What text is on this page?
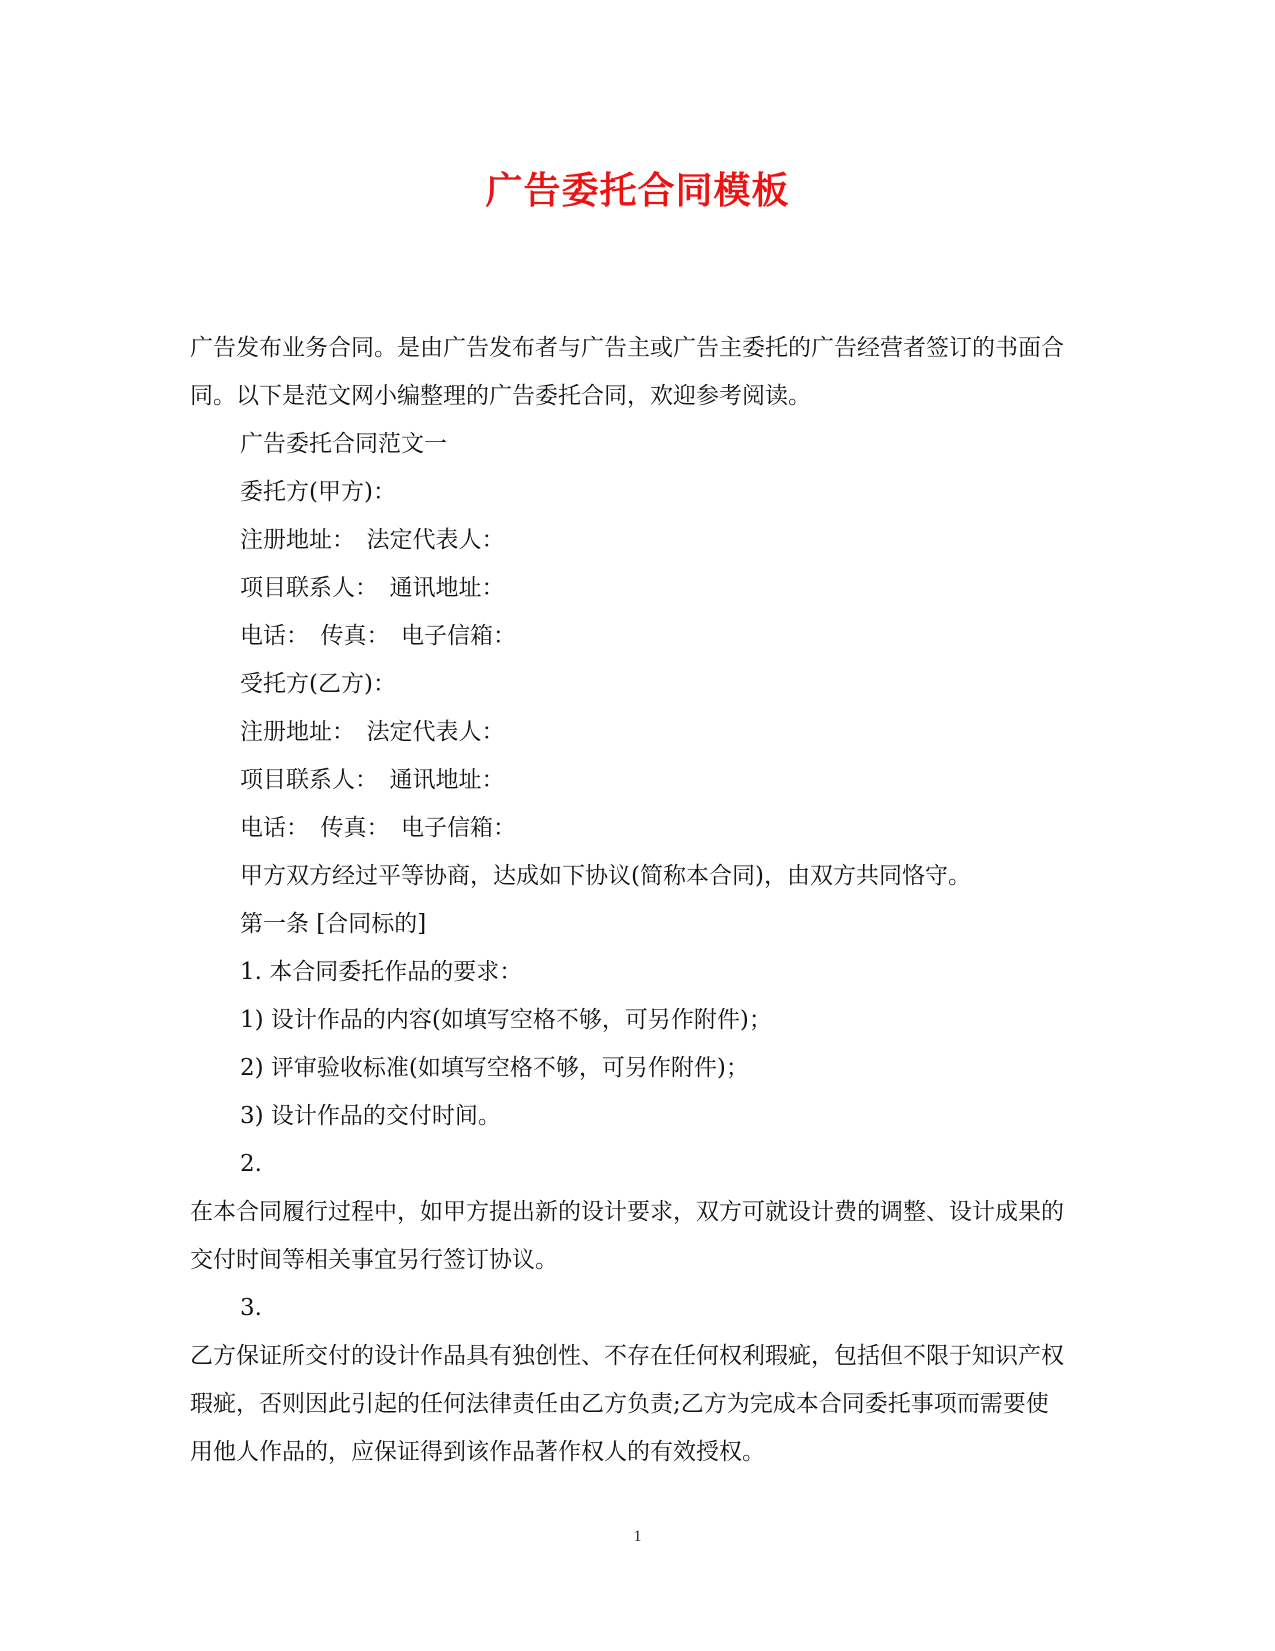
广告委托合同模板

广告发布业务合同。是由广告发布者与广告主或广告主委托的广告经营者签订的书面合同。以下是范文网小编整理的广告委托合同，欢迎参考阅读。

广告委托合同范文一

委托方(甲方)：

注册地址：　法定代表人：

项目联系人：　通讯地址：

电话：　传真：　电子信箱：

受托方(乙方)：

注册地址：　法定代表人：

项目联系人：　通讯地址：

电话：　传真：　电子信箱：

甲方双方经过平等协商，达成如下协议(简称本合同)，由双方共同恪守。

第一条 [合同标的]

1. 本合同委托作品的要求：

1) 设计作品的内容(如填写空格不够，可另作附件)；

2) 评审验收标准(如填写空格不够，可另作附件)；

3) 设计作品的交付时间。

2.

在本合同履行过程中，如甲方提出新的设计要求，双方可就设计费的调整、设计成果的交付时间等相关事宜另行签订协议。

3.

乙方保证所交付的设计作品具有独创性、不存在任何权利瑕疵，包括但不限于知识产权瑕疵，否则因此引起的任何法律责任由乙方负责;乙方为完成本合同委托事项而需要使用他人作品的，应保证得到该作品著作权人的有效授权。

1
